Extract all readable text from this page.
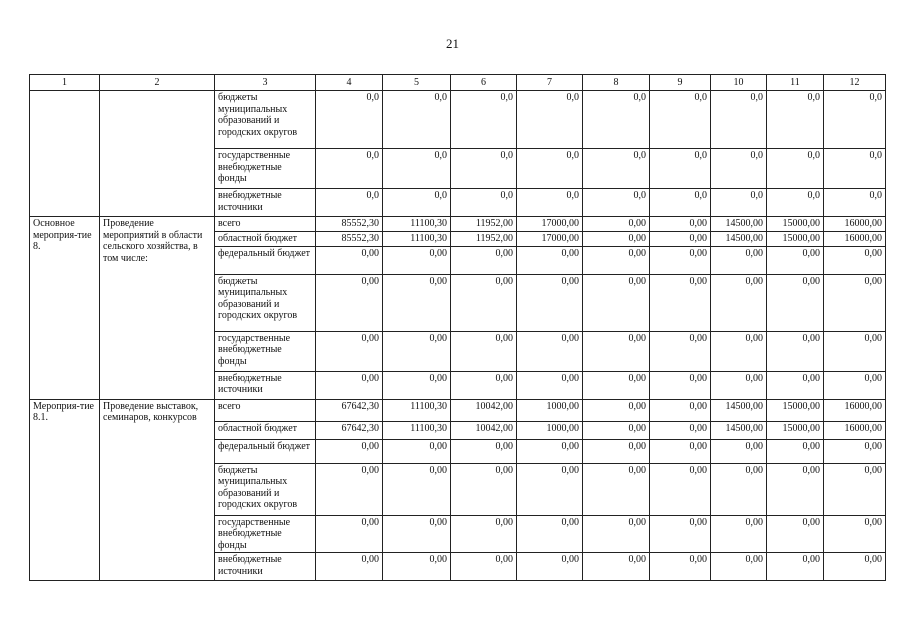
21
1	2	3	4	5	6	7	8	9	10	11	12
		бюджеты муниципальных образований и городских округов	0,0	0,0	0,0	0,0	0,0	0,0	0,0	0,0	0,0
		государственные внебюджетные фонды	0,0	0,0	0,0	0,0	0,0	0,0	0,0	0,0	0,0
		внебюджетные источники	0,0	0,0	0,0	0,0	0,0	0,0	0,0	0,0	0,0
Основное мероприя-тие 8.	Проведение мероприятий в области сельского хозяйства, в том числе:	всего	85552,30	11100,30	11952,00	17000,00	0,00	0,00	14500,00	15000,00	16000,00
		областной бюджет	85552,30	11100,30	11952,00	17000,00	0,00	0,00	14500,00	15000,00	16000,00
		федеральный бюджет	0,00	0,00	0,00	0,00	0,00	0,00	0,00	0,00	0,00
		бюджеты муниципальных образований и городских округов	0,00	0,00	0,00	0,00	0,00	0,00	0,00	0,00	0,00
		государственные внебюджетные фонды	0,00	0,00	0,00	0,00	0,00	0,00	0,00	0,00	0,00
		внебюджетные источники	0,00	0,00	0,00	0,00	0,00	0,00	0,00	0,00	0,00
Мероприя-тие 8.1.	Проведение выставок, семинаров, конкурсов	всего	67642,30	11100,30	10042,00	1000,00	0,00	0,00	14500,00	15000,00	16000,00
		областной бюджет	67642,30	11100,30	10042,00	1000,00	0,00	0,00	14500,00	15000,00	16000,00
		федеральный бюджет	0,00	0,00	0,00	0,00	0,00	0,00	0,00	0,00	0,00
		бюджеты муниципальных образований и городских округов	0,00	0,00	0,00	0,00	0,00	0,00	0,00	0,00	0,00
		государственные внебюджетные фонды	0,00	0,00	0,00	0,00	0,00	0,00	0,00	0,00	0,00
		внебюджетные источники	0,00	0,00	0,00	0,00	0,00	0,00	0,00	0,00	0,00
